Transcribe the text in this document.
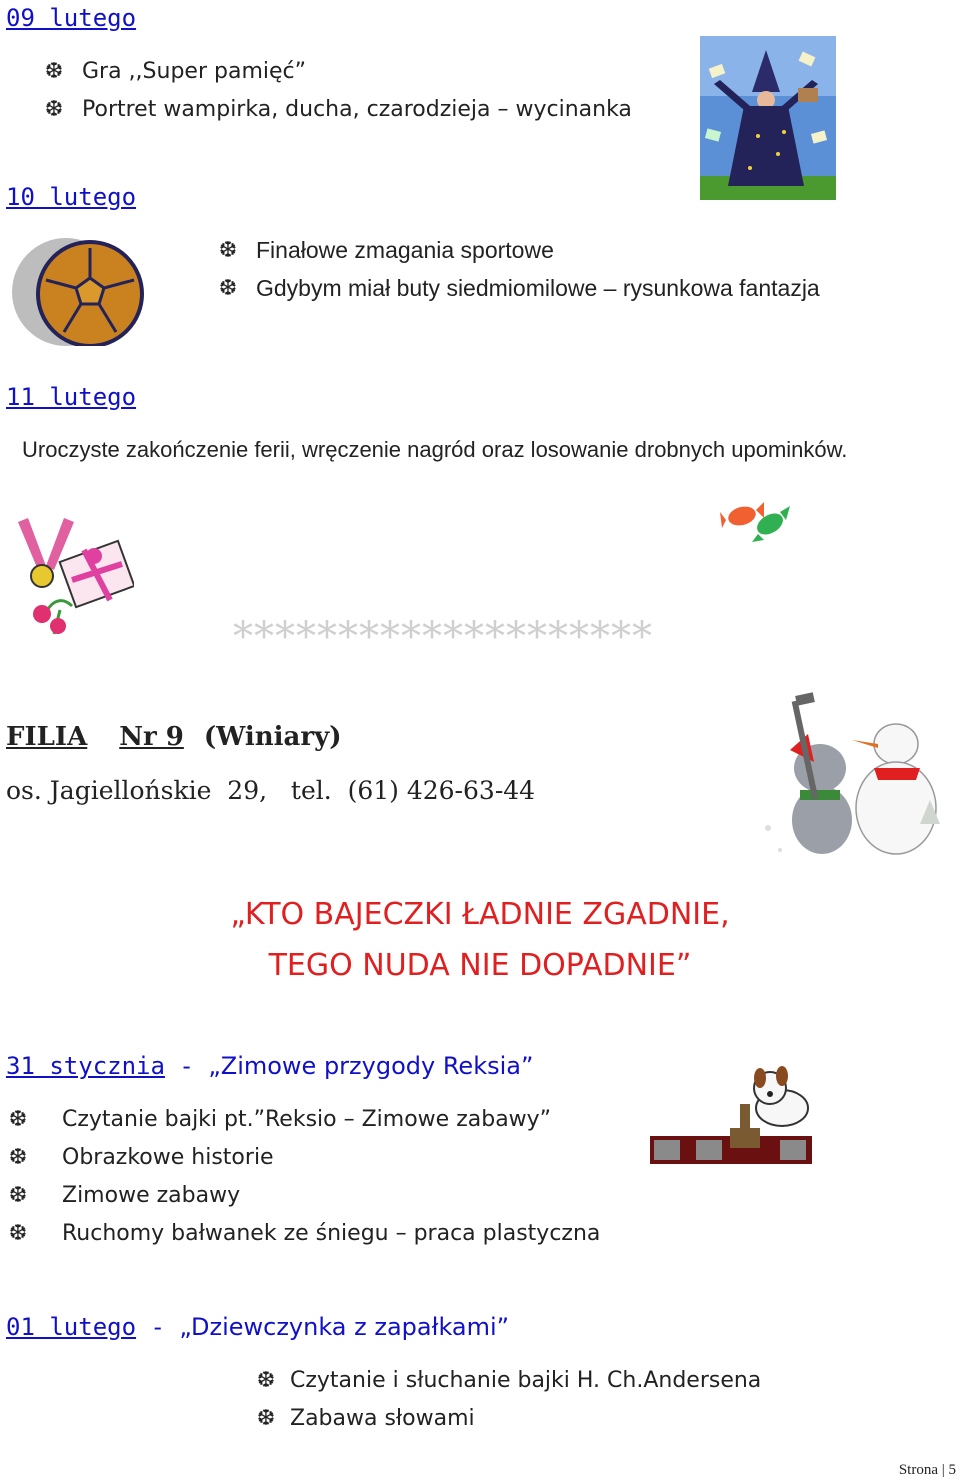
09 lutego
❆ Gra ,,Super pamięć”
❆ Portret wampirka, ducha, czarodzieja – wycinanka
10 lutego
❆ Finałowe zmagania sportowe
❆ Gdybym miał buty siedmiomilowe – rysunkowa fantazja
11 lutego
Uroczyste zakończenie ferii, wręczenie nagród oraz losowanie drobnych upominków.
********************
FILIA Nr 9 (Winiary)
os. Jagiellońskie  29,   tel.  (61) 426-63-44
„KTO BAJECZKI ŁADNIE ZGADNIE,
TEGO NUDA NIE DOPADNIE”
31 stycznia - „Zimowe przygody Reksia”
❆ Czytanie bajki pt.”Reksio – Zimowe zabawy”
❆ Obrazkowe historie
❆ Zimowe zabawy
❆ Ruchomy bałwanek ze śniegu – praca plastyczna
01 lutego - „Dziewczynka z zapałkami”
❆ Czytanie i słuchanie bajki H. Ch.Andersena
❆ Zabawa słowami
Strona | 5
